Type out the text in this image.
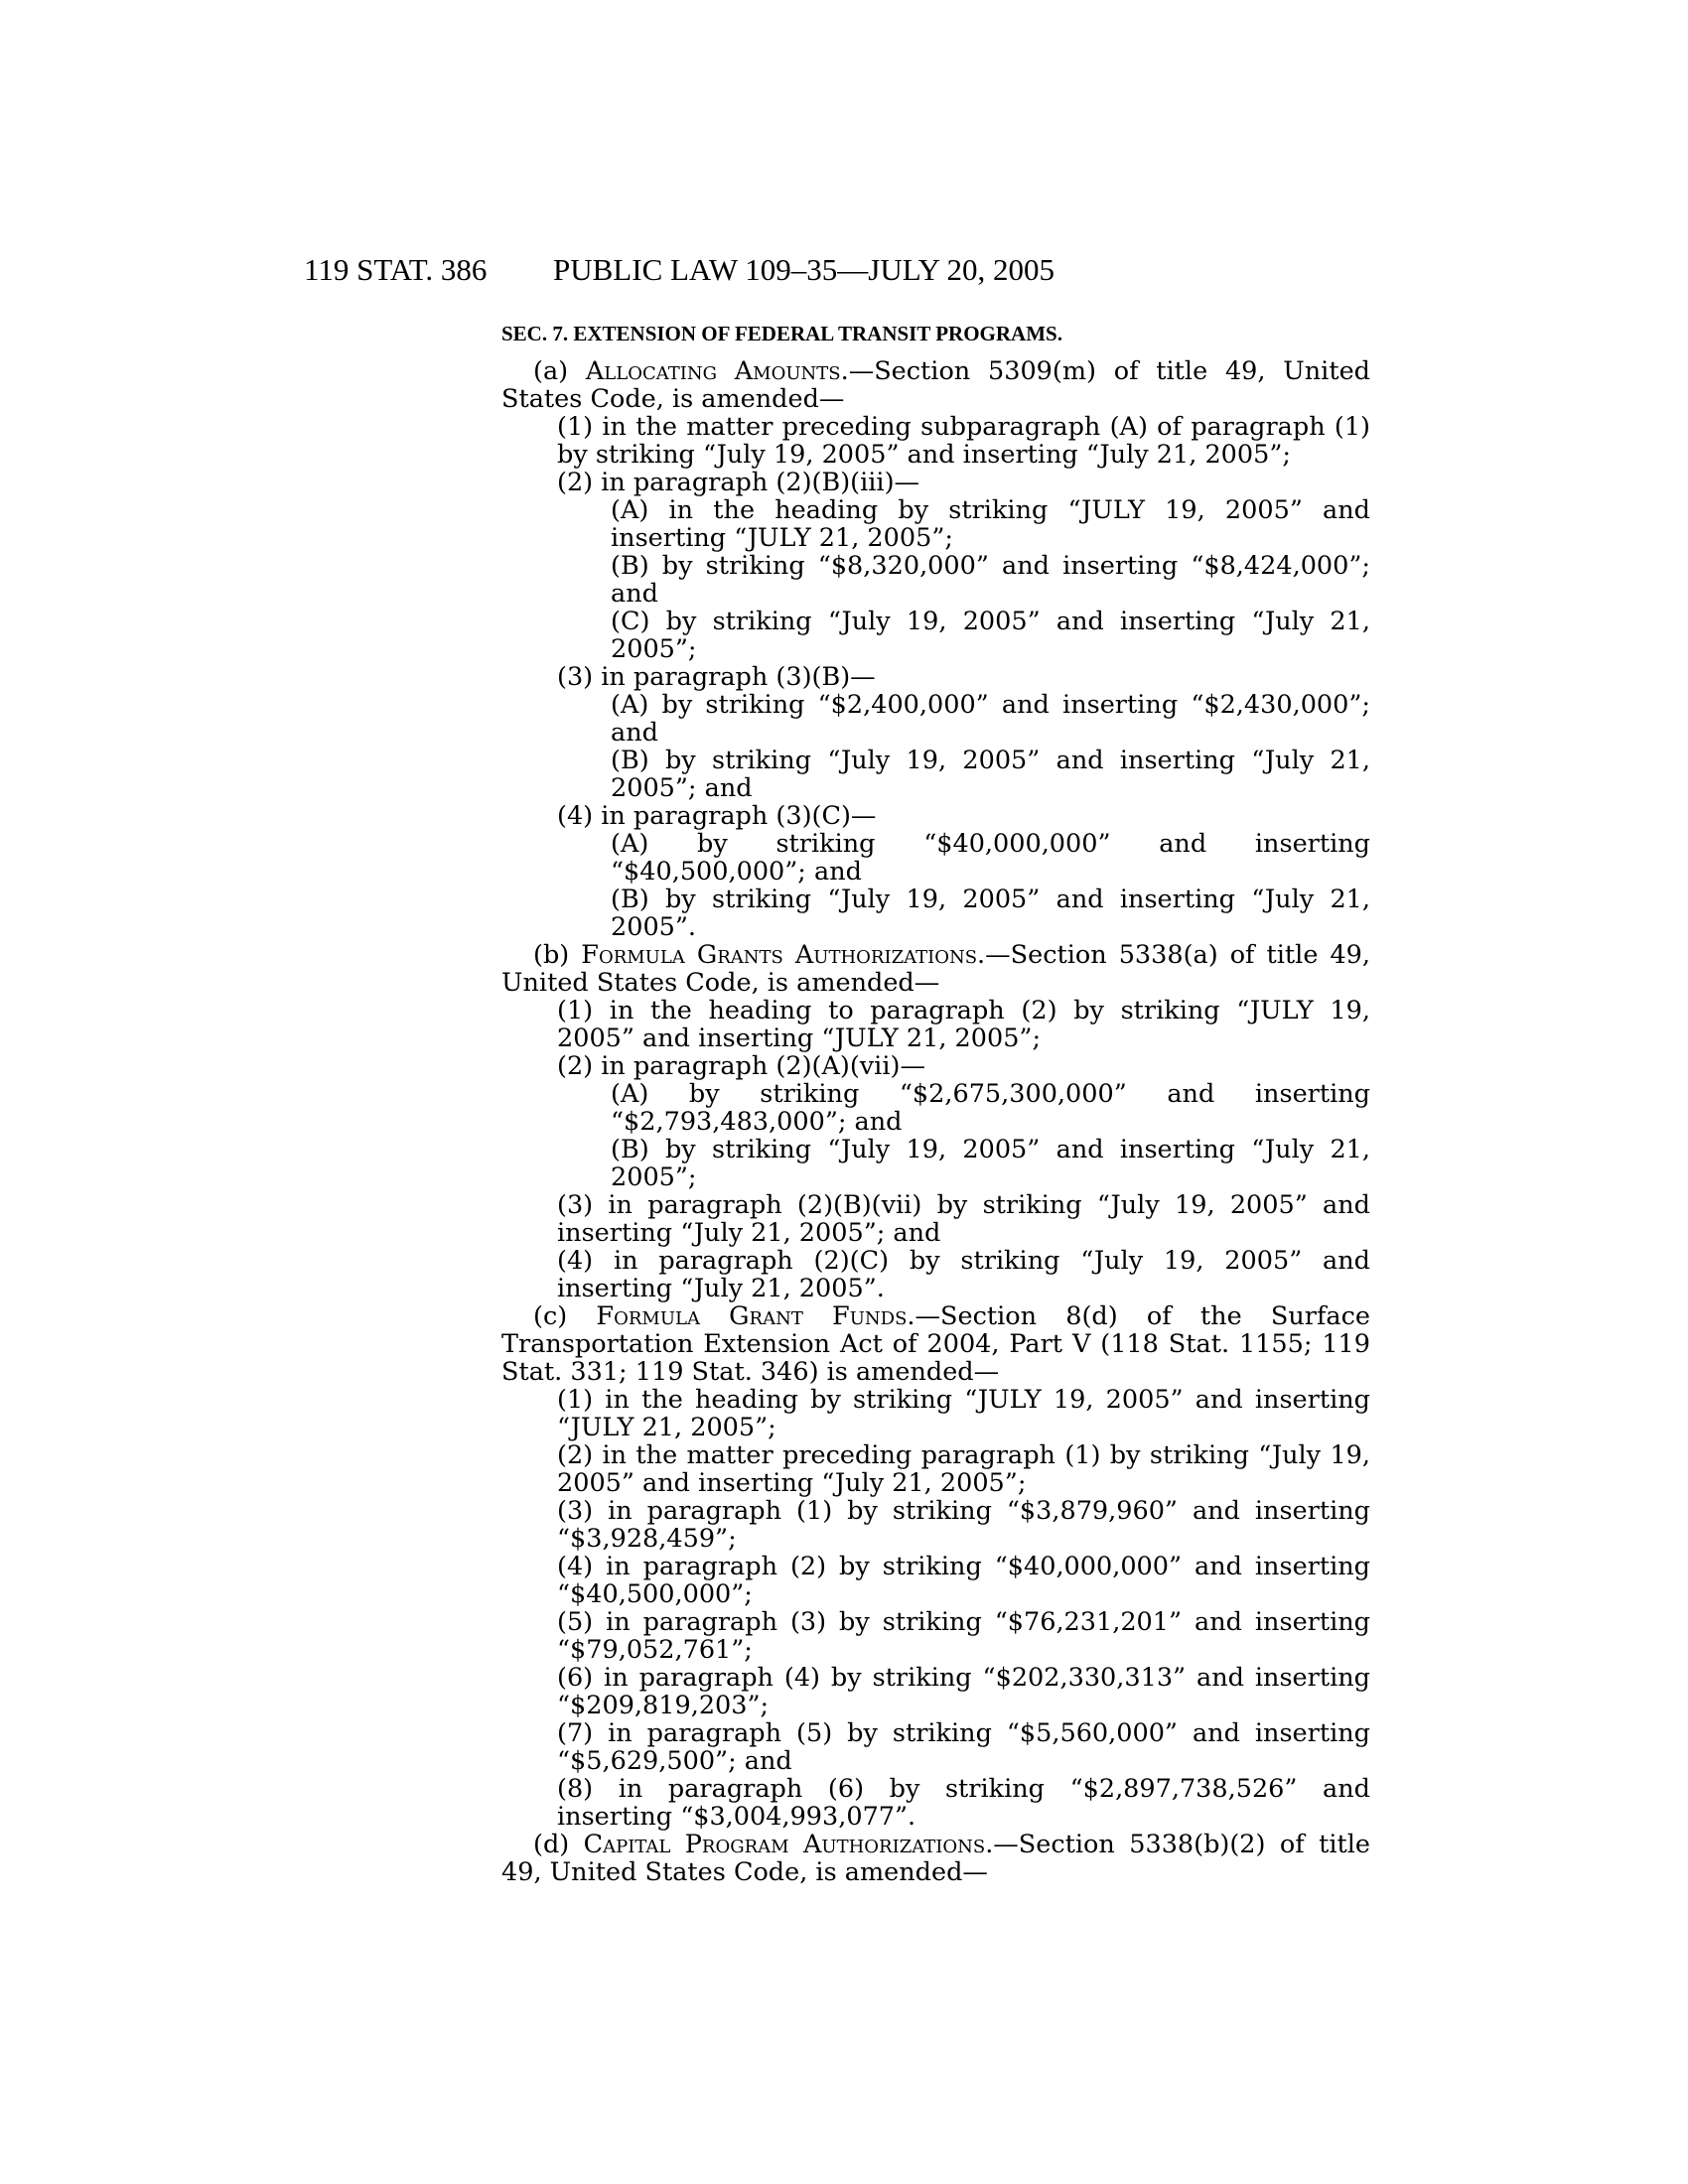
119 STAT. 386 PUBLIC LAW 109–35—JULY 20, 2005
SEC. 7. EXTENSION OF FEDERAL TRANSIT PROGRAMS.
(a) Allocating Amounts.—Section 5309(m) of title 49, United States Code, is amended—
(1) in the matter preceding subparagraph (A) of paragraph (1) by striking “July 19, 2005” and inserting “July 21, 2005”;
(2) in paragraph (2)(B)(iii)—
(A) in the heading by striking “JULY 19, 2005” and inserting “JULY 21, 2005”;
(B) by striking “$8,320,000” and inserting “$8,424,000”; and
(C) by striking “July 19, 2005” and inserting “July 21, 2005”;
(3) in paragraph (3)(B)—
(A) by striking “$2,400,000” and inserting “$2,430,000”; and
(B) by striking “July 19, 2005” and inserting “July 21, 2005”; and
(4) in paragraph (3)(C)—
(A) by striking “$40,000,000” and inserting “$40,500,000”; and
(B) by striking “July 19, 2005” and inserting “July 21, 2005”.
(b) Formula Grants Authorizations.—Section 5338(a) of title 49, United States Code, is amended—
(1) in the heading to paragraph (2) by striking “JULY 19, 2005” and inserting “JULY 21, 2005”;
(2) in paragraph (2)(A)(vii)—
(A) by striking “$2,675,300,000” and inserting “$2,793,483,000”; and
(B) by striking “July 19, 2005” and inserting “July 21, 2005”;
(3) in paragraph (2)(B)(vii) by striking “July 19, 2005” and inserting “July 21, 2005”; and
(4) in paragraph (2)(C) by striking “July 19, 2005” and inserting “July 21, 2005”.
(c) Formula Grant Funds.—Section 8(d) of the Surface Transportation Extension Act of 2004, Part V (118 Stat. 1155; 119 Stat. 331; 119 Stat. 346) is amended—
(1) in the heading by striking “JULY 19, 2005” and inserting “JULY 21, 2005”;
(2) in the matter preceding paragraph (1) by striking “July 19, 2005” and inserting “July 21, 2005”;
(3) in paragraph (1) by striking “$3,879,960” and inserting “$3,928,459”;
(4) in paragraph (2) by striking “$40,000,000” and inserting “$40,500,000”;
(5) in paragraph (3) by striking “$76,231,201” and inserting “$79,052,761”;
(6) in paragraph (4) by striking “$202,330,313” and inserting “$209,819,203”;
(7) in paragraph (5) by striking “$5,560,000” and inserting “$5,629,500”; and
(8) in paragraph (6) by striking “$2,897,738,526” and inserting “$3,004,993,077”.
(d) Capital Program Authorizations.—Section 5338(b)(2) of title 49, United States Code, is amended—
